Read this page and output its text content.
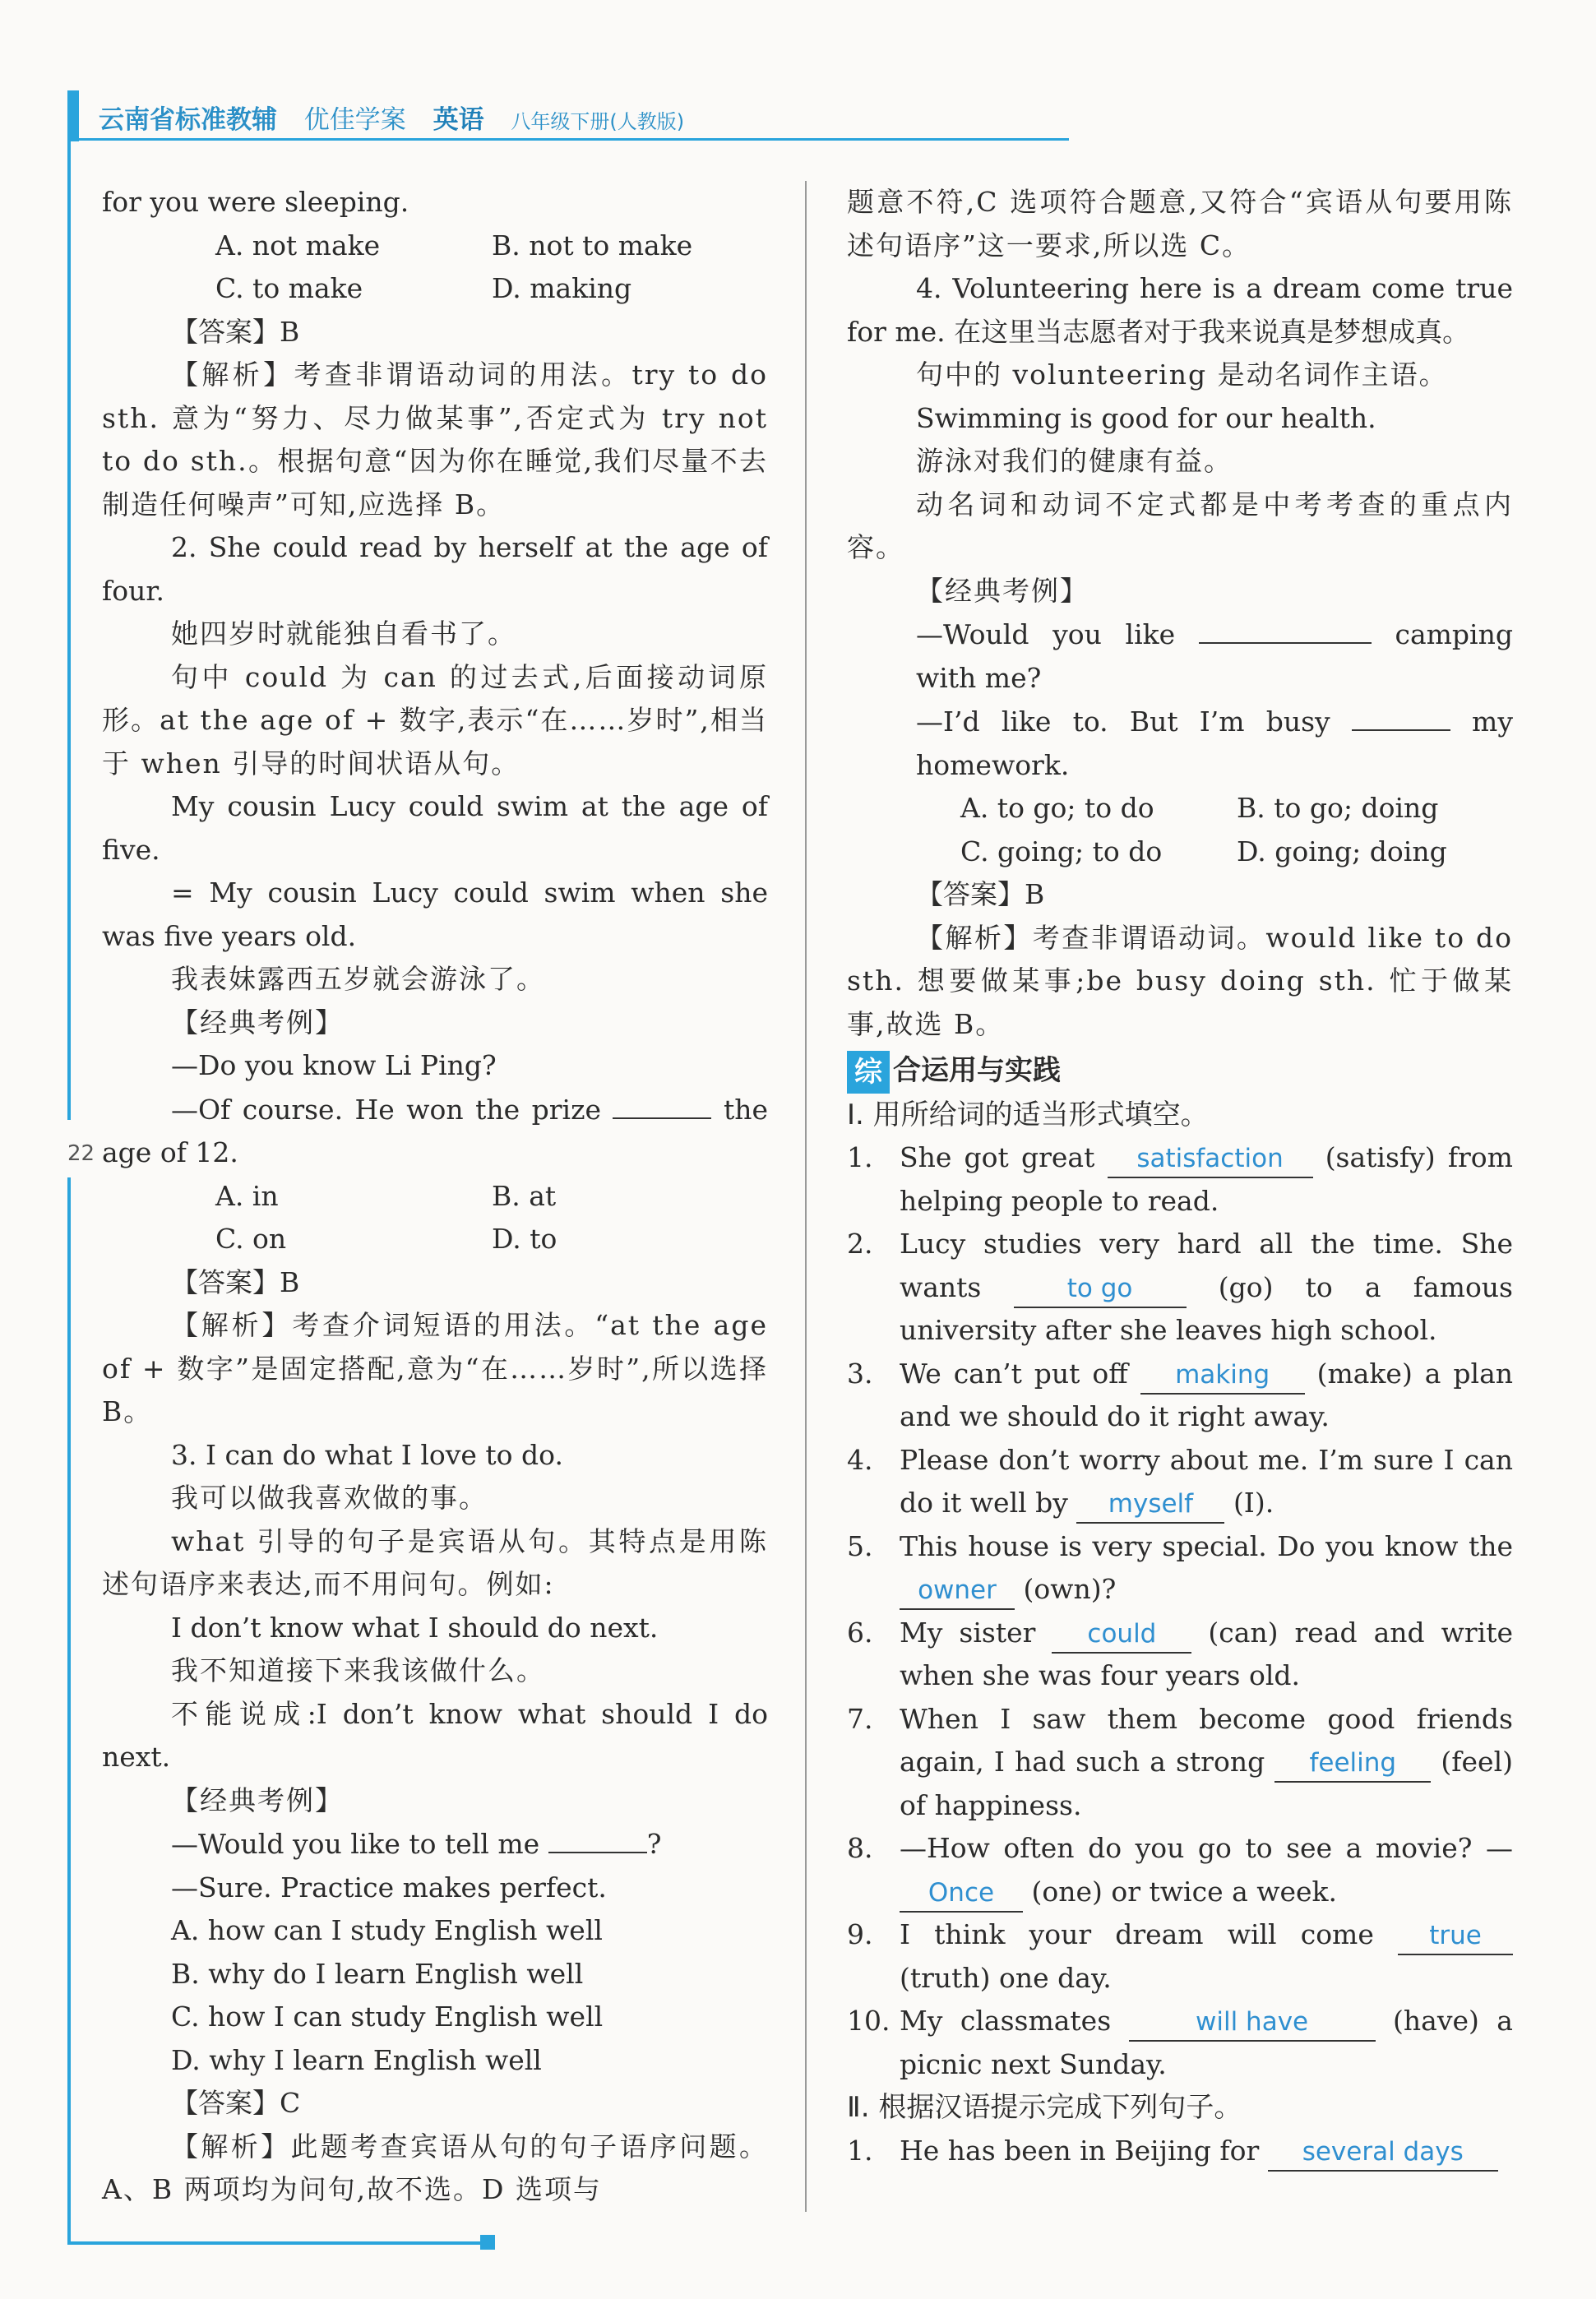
云南省标准教辅 优佳学案 英语 八年级下册(人教版)
22

for you were sleeping.

A. not make	B. not to make
C. to make	D. making

【答案】B

【解析】考查非谓语动词的用法。try to do sth. 意为“努力、尽力做某事”,否定式为 try not to do sth.。根据句意“因为你在睡觉,我们尽量不去制造任何噪声”可知,应选择 B。

2. She could read by herself at the age of four.

她四岁时就能独自看书了。

句中 could 为 can 的过去式,后面接动词原形。at the age of + 数字,表示“在……岁时”,相当于 when 引导的时间状语从句。

My cousin Lucy could swim at the age of five.

= My cousin Lucy could swim when she was five years old.

我表妹露西五岁就会游泳了。

【经典考例】

—Do you know Li Ping?

—Of course. He won the prize	the age of 12.

A. in	B. at
C. on	D. to

【答案】B

【解析】考查介词短语的用法。“at the age of + 数字”是固定搭配,意为“在……岁时”,所以选择 B。

3. I can do what I love to do.

我可以做我喜欢做的事。

what 引导的句子是宾语从句。其特点是用陈述句语序来表达,而不用问句。例如:

I don’t know what I should do next.

我不知道接下来我该做什么。

不能说成:I don’t know what should I do next.

【经典考例】

—Would you like to tell me	?

—Sure. Practice makes perfect.

A. how can I study English well
B. why do I learn English well
C. how I can study English well
D. why I learn English well

【答案】C

【解析】此题考查宾语从句的句子语序问题。A、B 两项均为问句,故不选。D 选项与

题意不符,C 选项符合题意,又符合“宾语从句要用陈述句语序”这一要求,所以选 C。

4. Volunteering here is a dream come true for me. 在这里当志愿者对于我来说真是梦想成真。

句中的 volunteering 是动名词作主语。

Swimming is good for our health.

游泳对我们的健康有益。

动名词和动词不定式都是中考考查的重点内容。

【经典考例】

—Would you like	camping with me?

—I’d like to. But I’m busy	my homework.

A. to go; to do	B. to go; doing
C. going; to do	D. going; doing

【答案】B

【解析】考查非谓语动词。would like to do sth. 想要做某事;be busy doing sth. 忙于做某事,故选 B。

综 合运用与实践

Ⅰ. 用所给词的适当形式填空。

1. She got great satisfaction (satisfy) from helping people to read.
2. Lucy studies very hard all the time. She wants	to go	(go) to a famous university after she leaves high school.
3. We can’t put off making (make) a plan and we should do it right away.
4. Please don’t worry about me. I’m sure I can do it well by myself (I).
5. This house is very special. Do you know the owner (own)?
6. My sister could (can) read and write when she was four years old.
7. When I saw them become good friends again, I had such a strong feeling (feel) of happiness.
8. —How often do you go to see a movie? — Once (one) or twice a week.
9. I think your dream will come true (truth) one day.
10. My classmates	will have	(have) a picnic next Sunday.

Ⅱ. 根据汉语提示完成下列句子。

1. He has been in Beijing for several days
